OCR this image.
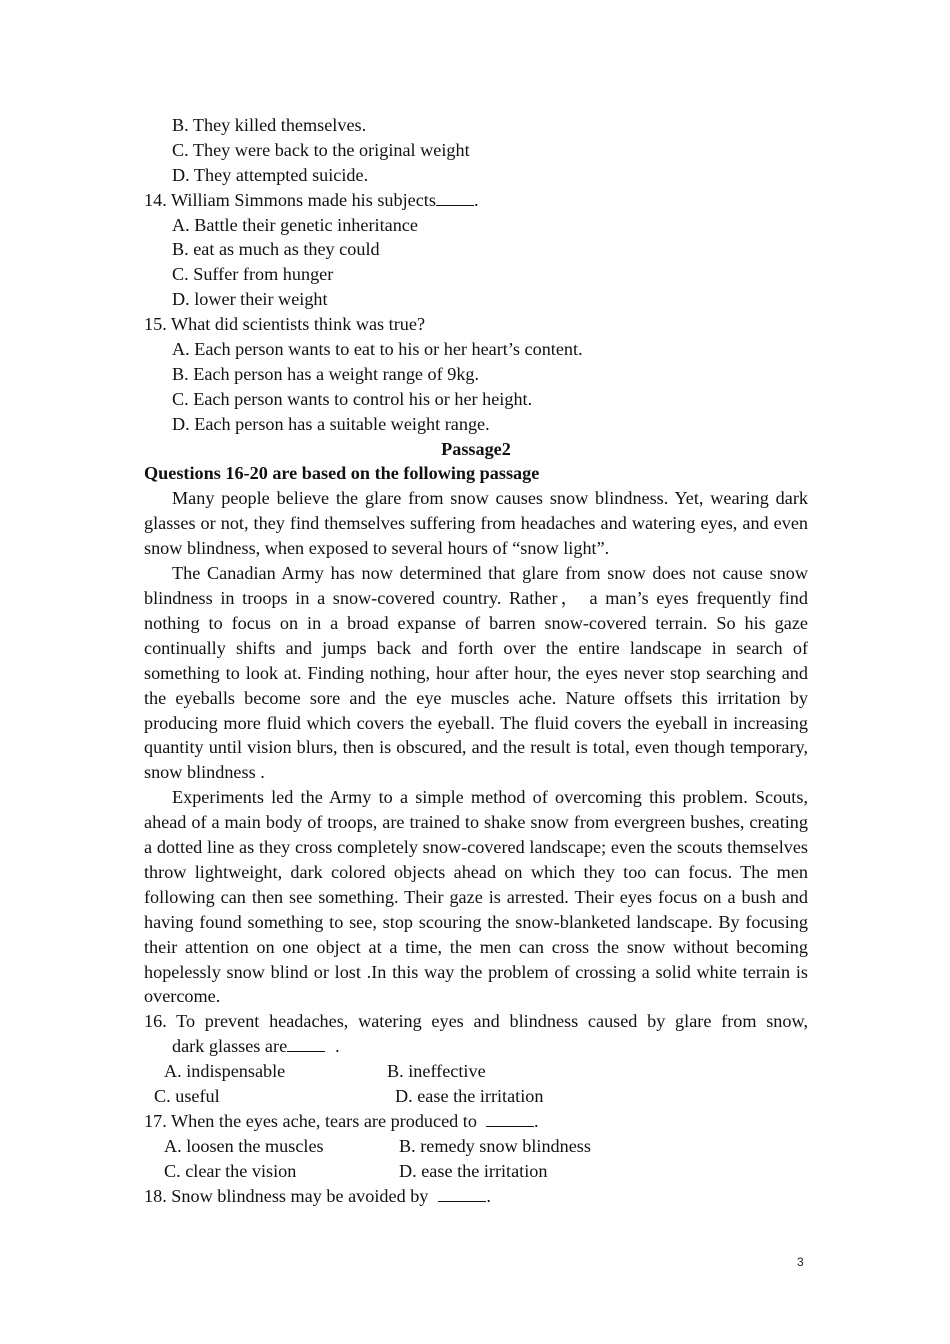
B. They killed themselves.
C. They were back to the original weight
D. They attempted suicide.
14. William Simmons made his subjects .
A. Battle their genetic inheritance
B. eat as much as they could
C. Suffer from hunger
D. lower their weight
15. What did scientists think was true?
A. Each person wants to eat to his or her heart’s content.
B. Each person has a weight range of 9kg.
C. Each person wants to control his or her height.
D. Each person has a suitable weight range.
Passage2
Questions 16-20 are based on the following passage

Many people believe the glare from snow causes snow blindness. Yet, wearing dark glasses or not, they find themselves suffering from headaches and watering eyes, and even snow blindness, when exposed to several hours of “snow light”.

The Canadian Army has now determined that glare from snow does not cause snow blindness in troops in a snow-covered country. Rather， a man’s eyes frequently find nothing to focus on in a broad expanse of barren snow-covered terrain. So his gaze continually shifts and jumps back and forth over the entire landscape in search of something to look at. Finding nothing, hour after hour, the eyes never stop searching and the eyeballs become sore and the eye muscles ache. Nature offsets this irritation by producing more fluid which covers the eyeball. The fluid covers the eyeball in increasing quantity until vision blurs, then is obscured, and the result is total, even though temporary, snow blindness .

Experiments led the Army to a simple method of overcoming this problem. Scouts, ahead of a main body of troops, are trained to shake snow from evergreen bushes, creating a dotted line as they cross completely snow-covered landscape; even the scouts themselves throw lightweight, dark colored objects ahead on which they too can focus. The men following can then see something. Their gaze is arrested. Their eyes focus on a bush and having found something to see, stop scouring the snow-blanketed landscape. By focusing their attention on one object at a time, the men can cross the snow without becoming hopelessly snow blind or lost .In this way the problem of crossing a solid white terrain is overcome.

16. To prevent headaches, watering eyes and blindness caused by glare from snow,
dark glasses are	.
A. indispensable	B. ineffective
C. useful	D. ease the irritation
17. When the eyes ache, tears are produced to	.
A. loosen the muscles	B. remedy snow blindness
C. clear the vision	D. ease the irritation
18. Snow blindness may be avoided by	.
3
